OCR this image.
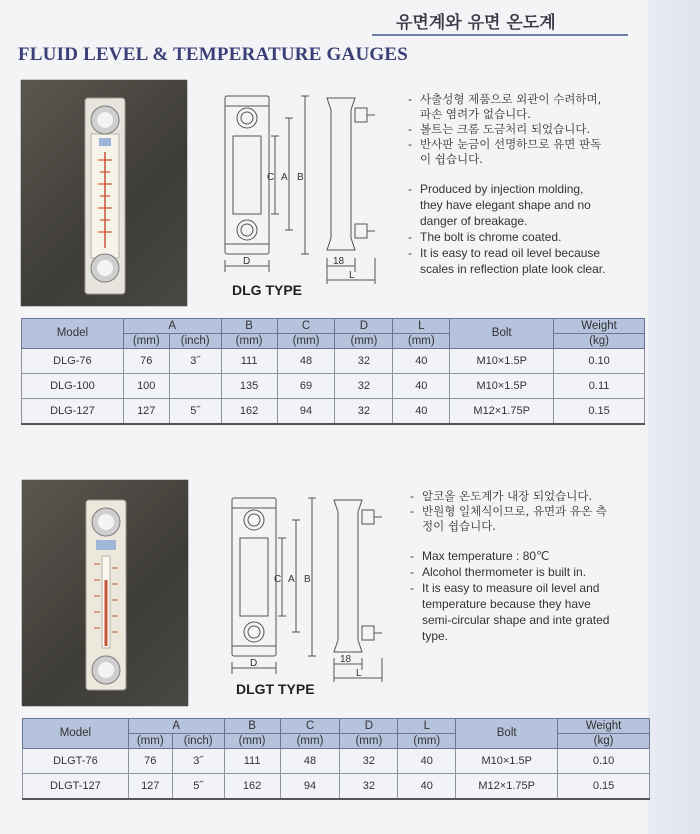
유면계와 유면 온도계
FLUID LEVEL & TEMPERATURE GAUGES
C A B
D	18
L
DLG TYPE
- 사출성형 제품으로 외관이 수려하며, 파손 염려가 없습니다.
- 볼트는 크롬 도금처리 되었습니다.
- 반사판 눈금이 선명하므로 유면 판독이 쉽습니다.
- Produced by injection molding, they have elegant shape and no danger of breakage.
- The bolt is chrome coated.
- It is easy to read oil level because scales in reflection plate look clear.
Model	A		B	C	D	L	Bolt	Weight
	(mm)	(inch)	(mm)	(mm)	(mm)	(mm)		(kg)
DLG-76	76	3˝	111	48	32	40	M10×1.5P	0.10
DLG-100	100		135	69	32	40	M10×1.5P	0.11
DLG-127	127	5˝	162	94	32	40	M12×1.75P	0.15
C A B
D	18
L
DLGT TYPE
- 알코올 온도계가 내장 되었습니다.
- 반원형 일체식이므로, 유면과 유온 측정이 쉽습니다.
- Max temperature : 80℃
- Alcohol thermometer is built in.
- It is easy to measure oil level and temperature because they have semi-circular shape and inte grated type.
Model	A		B	C	D	L	Bolt	Weight
	(mm)	(inch)	(mm)	(mm)	(mm)	(mm)		(kg)
DLGT-76	76	3˝	111	48	32	40	M10×1.5P	0.10
DLGT-127	127	5˝	162	94	32	40	M12×1.75P	0.15
